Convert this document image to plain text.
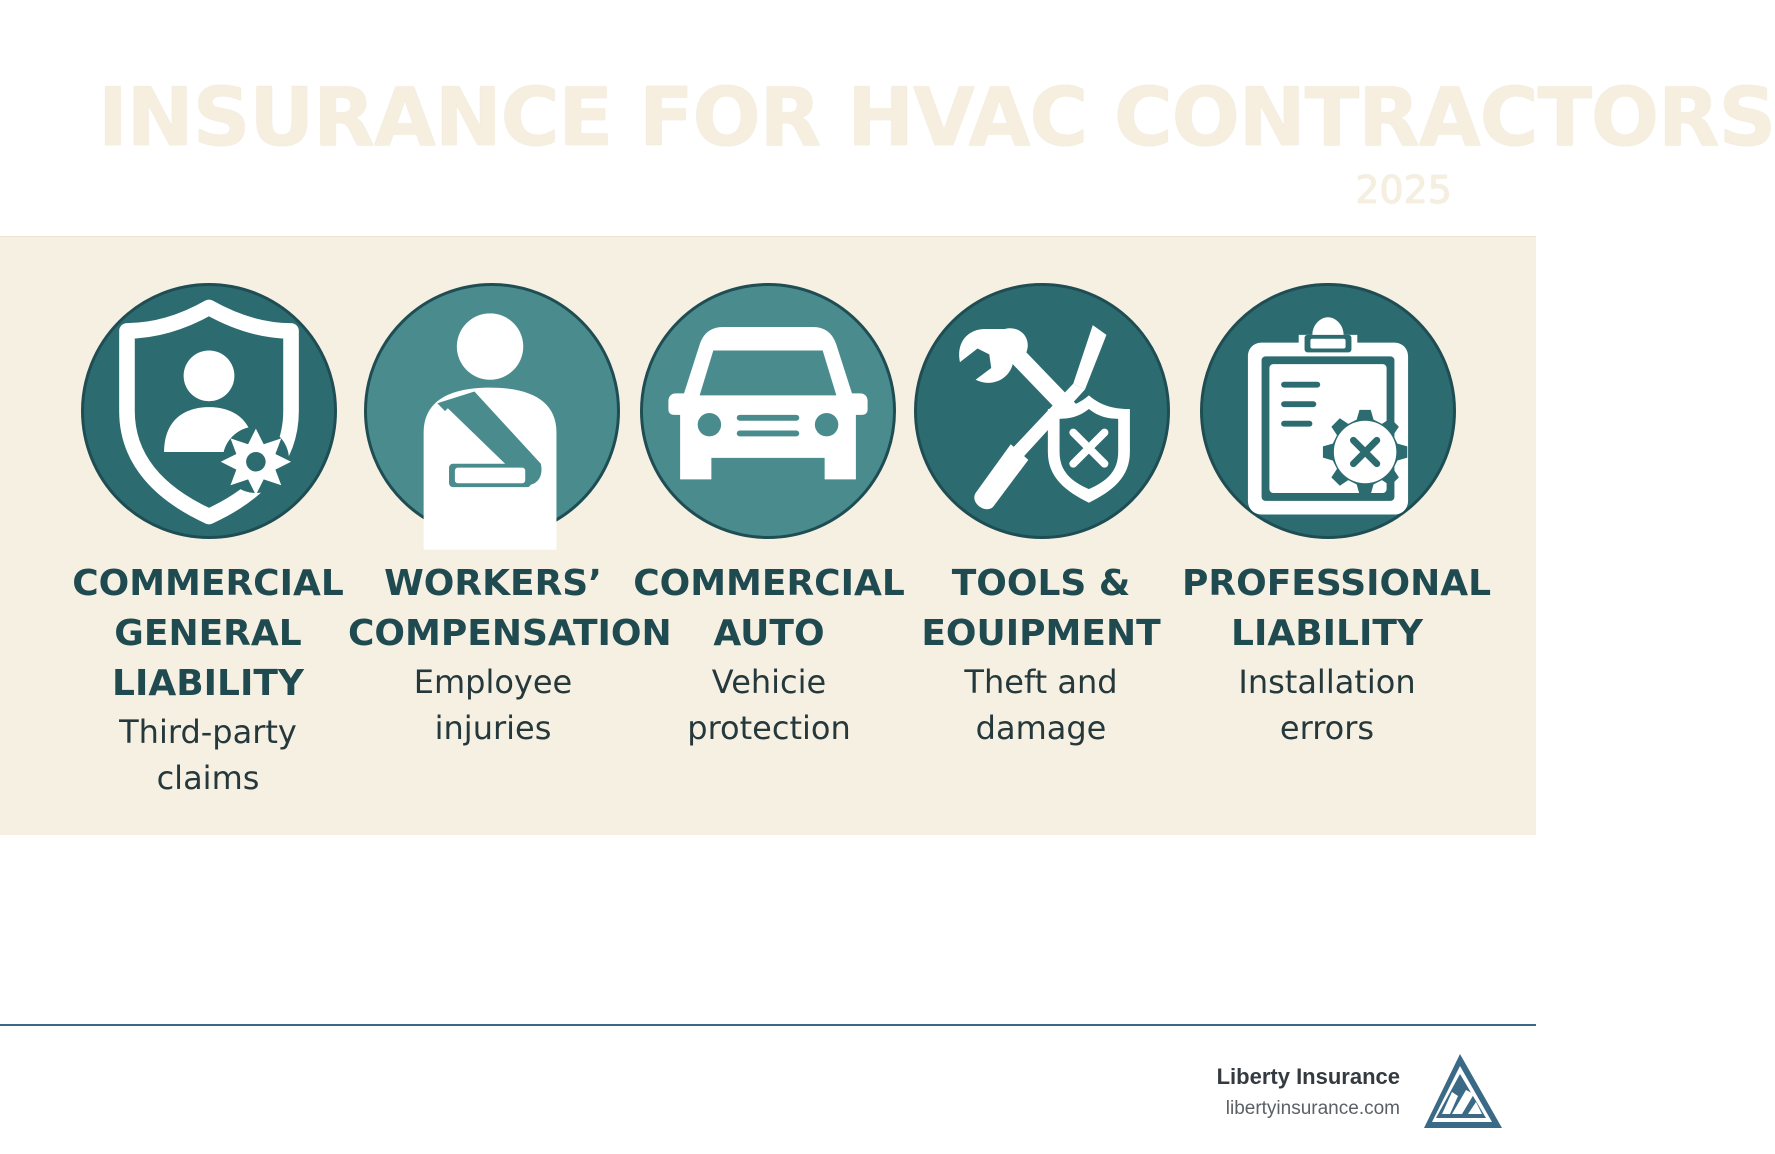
INSURANCE FOR HVAC CONTRACTORS

2025

COMMERCIAL
GENERAL
LIABILITY
Third-party
claims
WORKERS’
COMPENSATION
Employee
injuries
COMMERCIAL
AUTO
Vehicie
protection
TOOLS &
EOUIPMENT
Theft and
damage
PROFESSIONAL
LIABILITY
Installation
errors
Liberty Insurance
libertyinsurance.com
